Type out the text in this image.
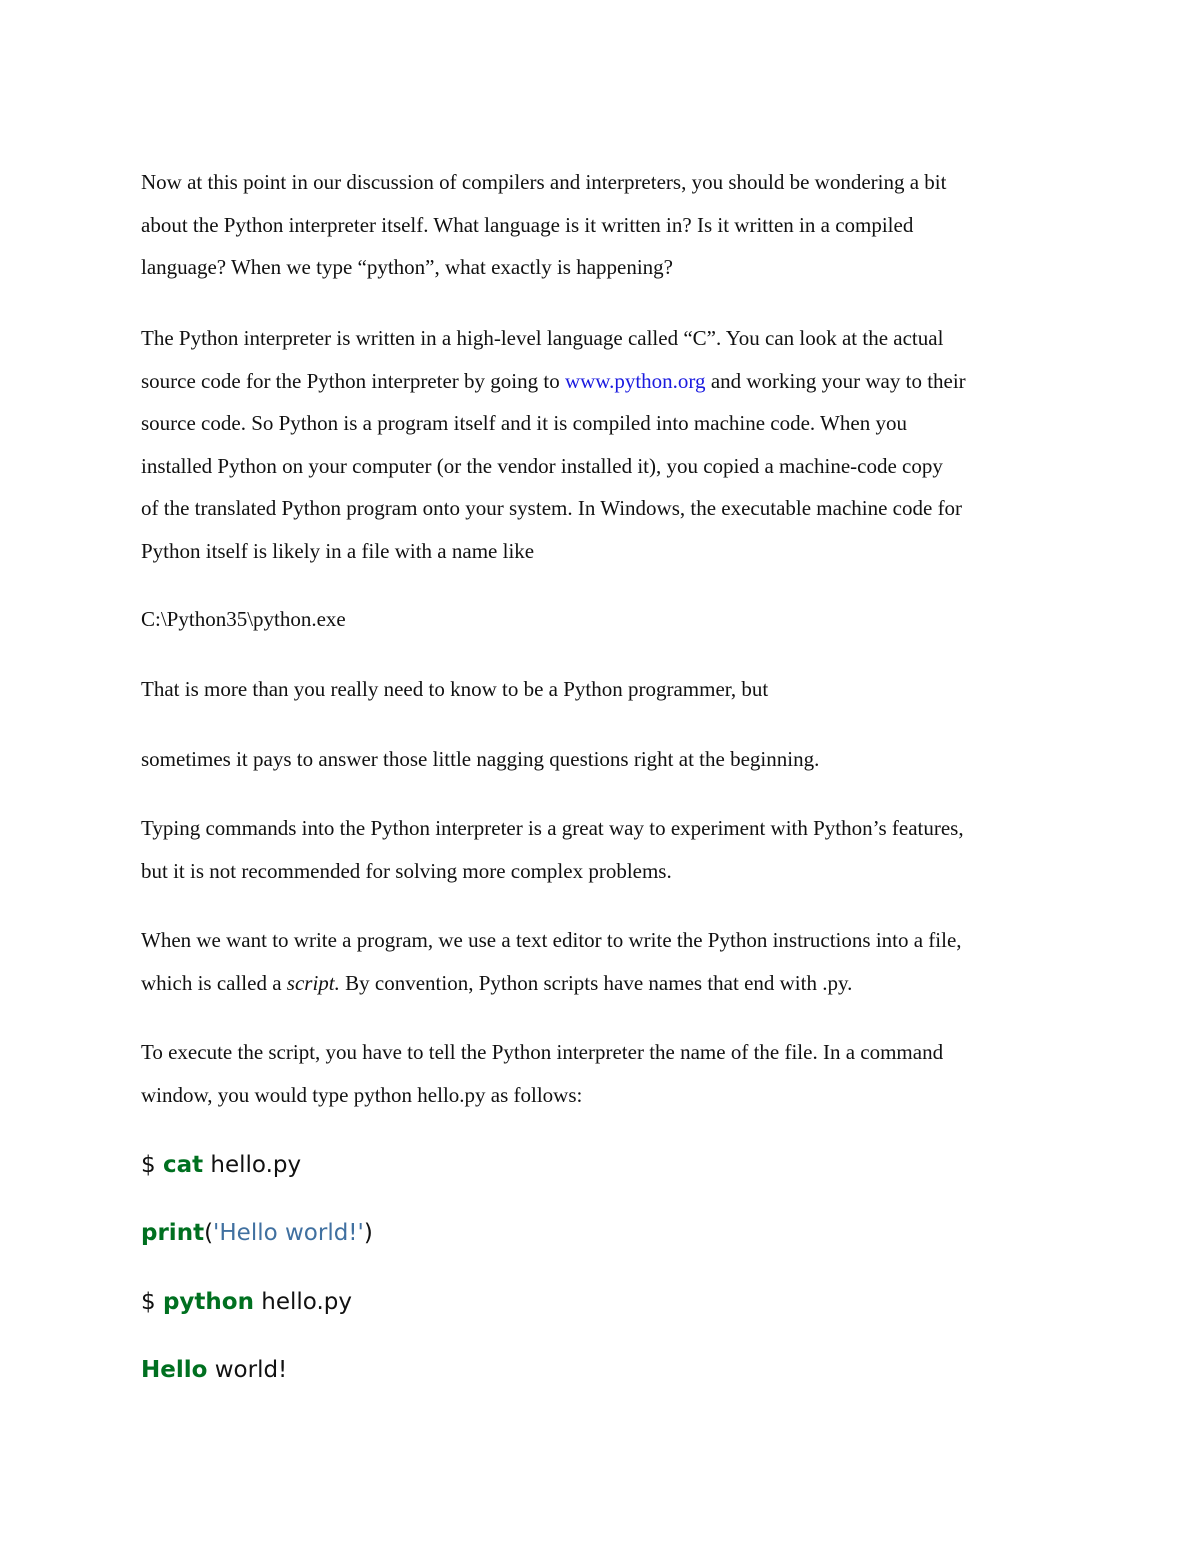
Now at this point in our discussion of compilers and interpreters, you should be wondering a bit
about the Python interpreter itself. What language is it written in? Is it written in a compiled
language? When we type “python”, what exactly is happening?

The Python interpreter is written in a high-level language called “C”. You can look at the actual
source code for the Python interpreter by going to www.python.org and working your way to their
source code. So Python is a program itself and it is compiled into machine code. When you
installed Python on your computer (or the vendor installed it), you copied a machine-code copy
of the translated Python program onto your system. In Windows, the executable machine code for
Python itself is likely in a file with a name like

C:\Python35\python.exe

That is more than you really need to know to be a Python programmer, but

sometimes it pays to answer those little nagging questions right at the beginning.

Typing commands into the Python interpreter is a great way to experiment with Python’s features,
but it is not recommended for solving more complex problems.

When we want to write a program, we use a text editor to write the Python instructions into a file,
which is called a script. By convention, Python scripts have names that end with .py.

To execute the script, you have to tell the Python interpreter the name of the file. In a command
window, you would type python hello.py as follows:

$ cat hello.py
print('Hello world!')
$ python hello.py
Hello world!
